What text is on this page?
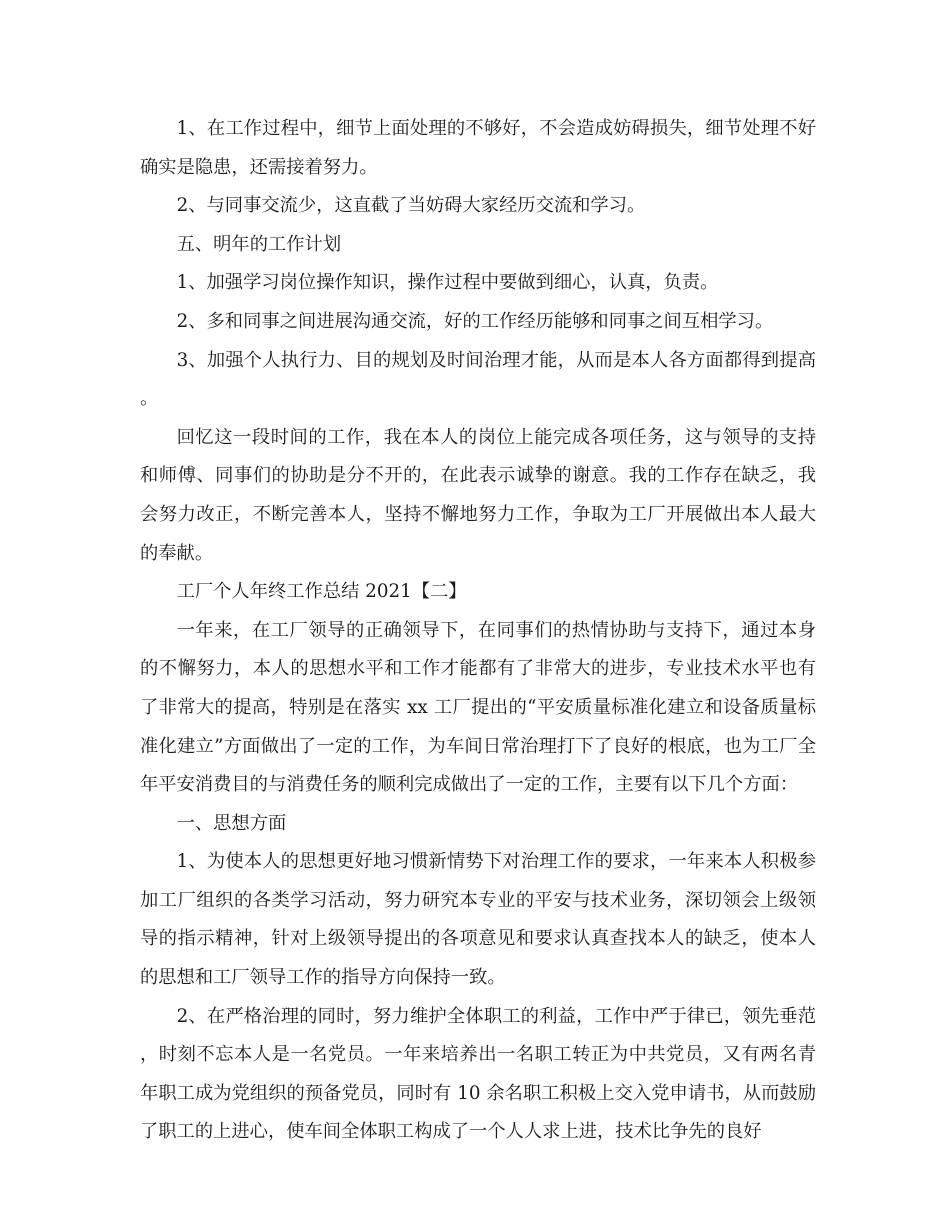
1、在工作过程中，细节上面处理的不够好，不会造成妨碍损失，细节处理不好确实是隐患，还需接着努力。

2、与同事交流少，这直截了当妨碍大家经历交流和学习。

五、明年的工作计划

1、加强学习岗位操作知识，操作过程中要做到细心，认真，负责。

2、多和同事之间进展沟通交流，好的工作经历能够和同事之间互相学习。

3、加强个人执行力、目的规划及时间治理才能，从而是本人各方面都得到提高。

回忆这一段时间的工作，我在本人的岗位上能完成各项任务，这与领导的支持和师傅、同事们的协助是分不开的，在此表示诚挚的谢意。我的工作存在缺乏，我会努力改正，不断完善本人，坚持不懈地努力工作，争取为工厂开展做出本人最大的奉献。

工厂个人年终工作总结 2021【二】

一年来，在工厂领导的正确领导下，在同事们的热情协助与支持下，通过本身的不懈努力，本人的思想水平和工作才能都有了非常大的进步，专业技术水平也有了非常大的提高，特别是在落实 xx 工厂提出的“平安质量标准化建立和设备质量标准化建立”方面做出了一定的工作，为车间日常治理打下了良好的根底，也为工厂全年平安消费目的与消费任务的顺利完成做出了一定的工作，主要有以下几个方面：

一、思想方面

1、为使本人的思想更好地习惯新情势下对治理工作的要求，一年来本人积极参加工厂组织的各类学习活动，努力研究本专业的平安与技术业务，深切领会上级领导的指示精神，针对上级领导提出的各项意见和要求认真查找本人的缺乏，使本人的思想和工厂领导工作的指导方向保持一致。

2、在严格治理的同时，努力维护全体职工的利益，工作中严于律已，领先垂范，时刻不忘本人是一名党员。一年来培养出一名职工转正为中共党员，又有两名青年职工成为党组织的预备党员，同时有 10 余名职工积极上交入党申请书，从而鼓励了职工的上进心，使车间全体职工构成了一个人人求上进，技术比争先的良好
